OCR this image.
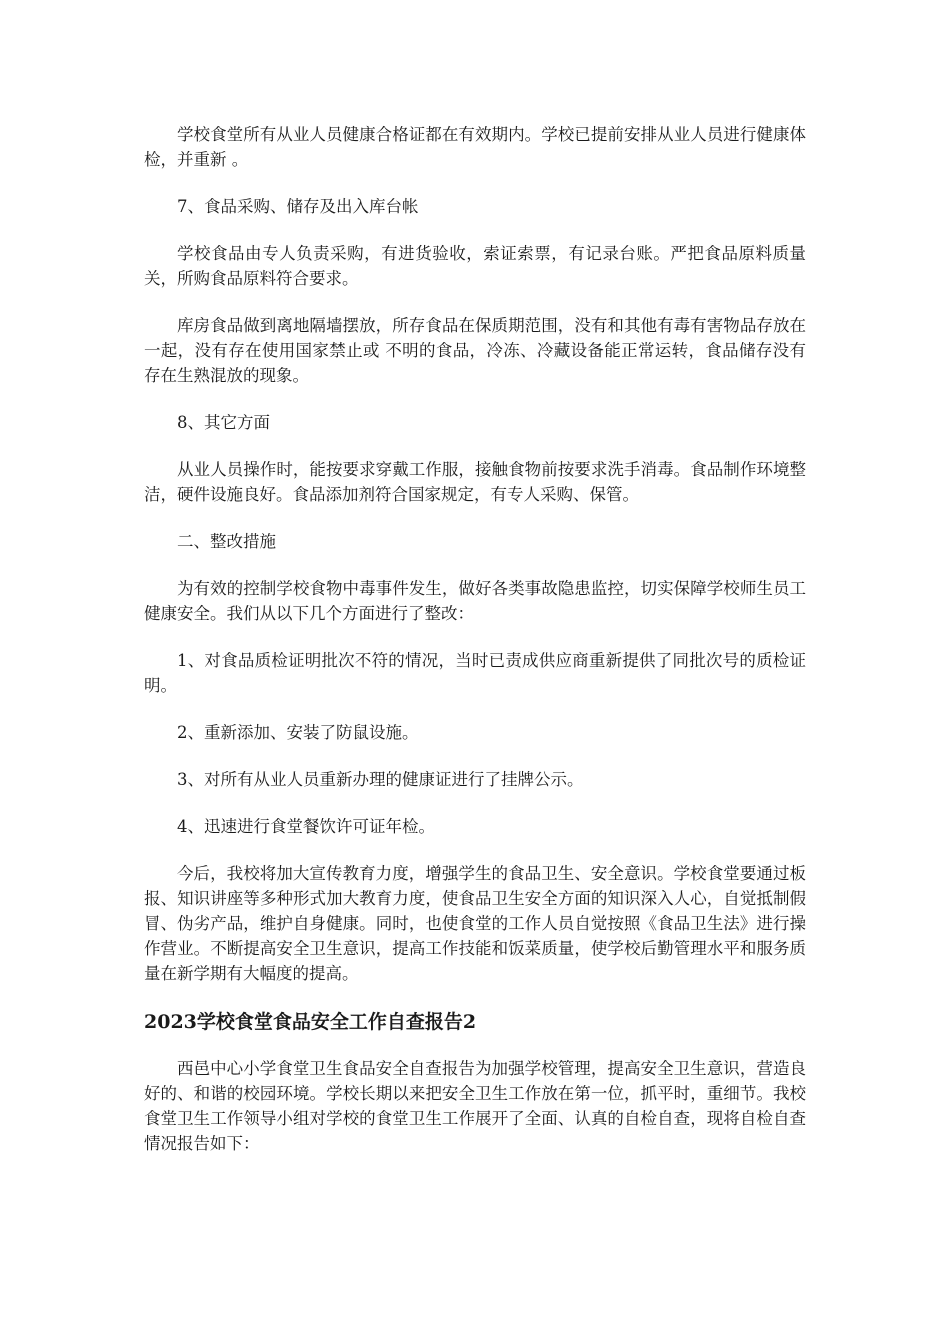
学校食堂所有从业人员健康合格证都在有效期内。学校已提前安排从业人员进行健康体检，并重新 。

7、食品采购、储存及出入库台帐

学校食品由专人负责采购，有进货验收，索证索票，有记录台账。严把食品原料质量关，所购食品原料符合要求。

库房食品做到离地隔墙摆放，所存食品在保质期范围，没有和其他有毒有害物品存放在一起，没有存在使用国家禁止或 不明的食品，冷冻、冷藏设备能正常运转，食品储存没有存在生熟混放的现象。

8、其它方面

从业人员操作时，能按要求穿戴工作服，接触食物前按要求洗手消毒。食品制作环境整洁，硬件设施良好。食品添加剂符合国家规定，有专人采购、保管。

二、整改措施

为有效的控制学校食物中毒事件发生，做好各类事故隐患监控，切实保障学校师生员工健康安全。我们从以下几个方面进行了整改：

1、对食品质检证明批次不符的情况，当时已责成供应商重新提供了同批次号的质检证明。

2、重新添加、安装了防鼠设施。

3、对所有从业人员重新办理的健康证进行了挂牌公示。

4、迅速进行食堂餐饮许可证年检。

今后，我校将加大宣传教育力度，增强学生的食品卫生、安全意识。学校食堂要通过板报、知识讲座等多种形式加大教育力度，使食品卫生安全方面的知识深入人心，自觉抵制假冒、伪劣产品，维护自身健康。同时，也使食堂的工作人员自觉按照《食品卫生法》进行操作营业。不断提高安全卫生意识，提高工作技能和饭菜质量，使学校后勤管理水平和服务质量在新学期有大幅度的提高。

2023学校食堂食品安全工作自查报告2

西邑中心小学食堂卫生食品安全自查报告为加强学校管理，提高安全卫生意识，营造良好的、和谐的校园环境。学校长期以来把安全卫生工作放在第一位，抓平时，重细节。我校食堂卫生工作领导小组对学校的食堂卫生工作展开了全面、认真的自检自查，现将自检自查情况报告如下：
